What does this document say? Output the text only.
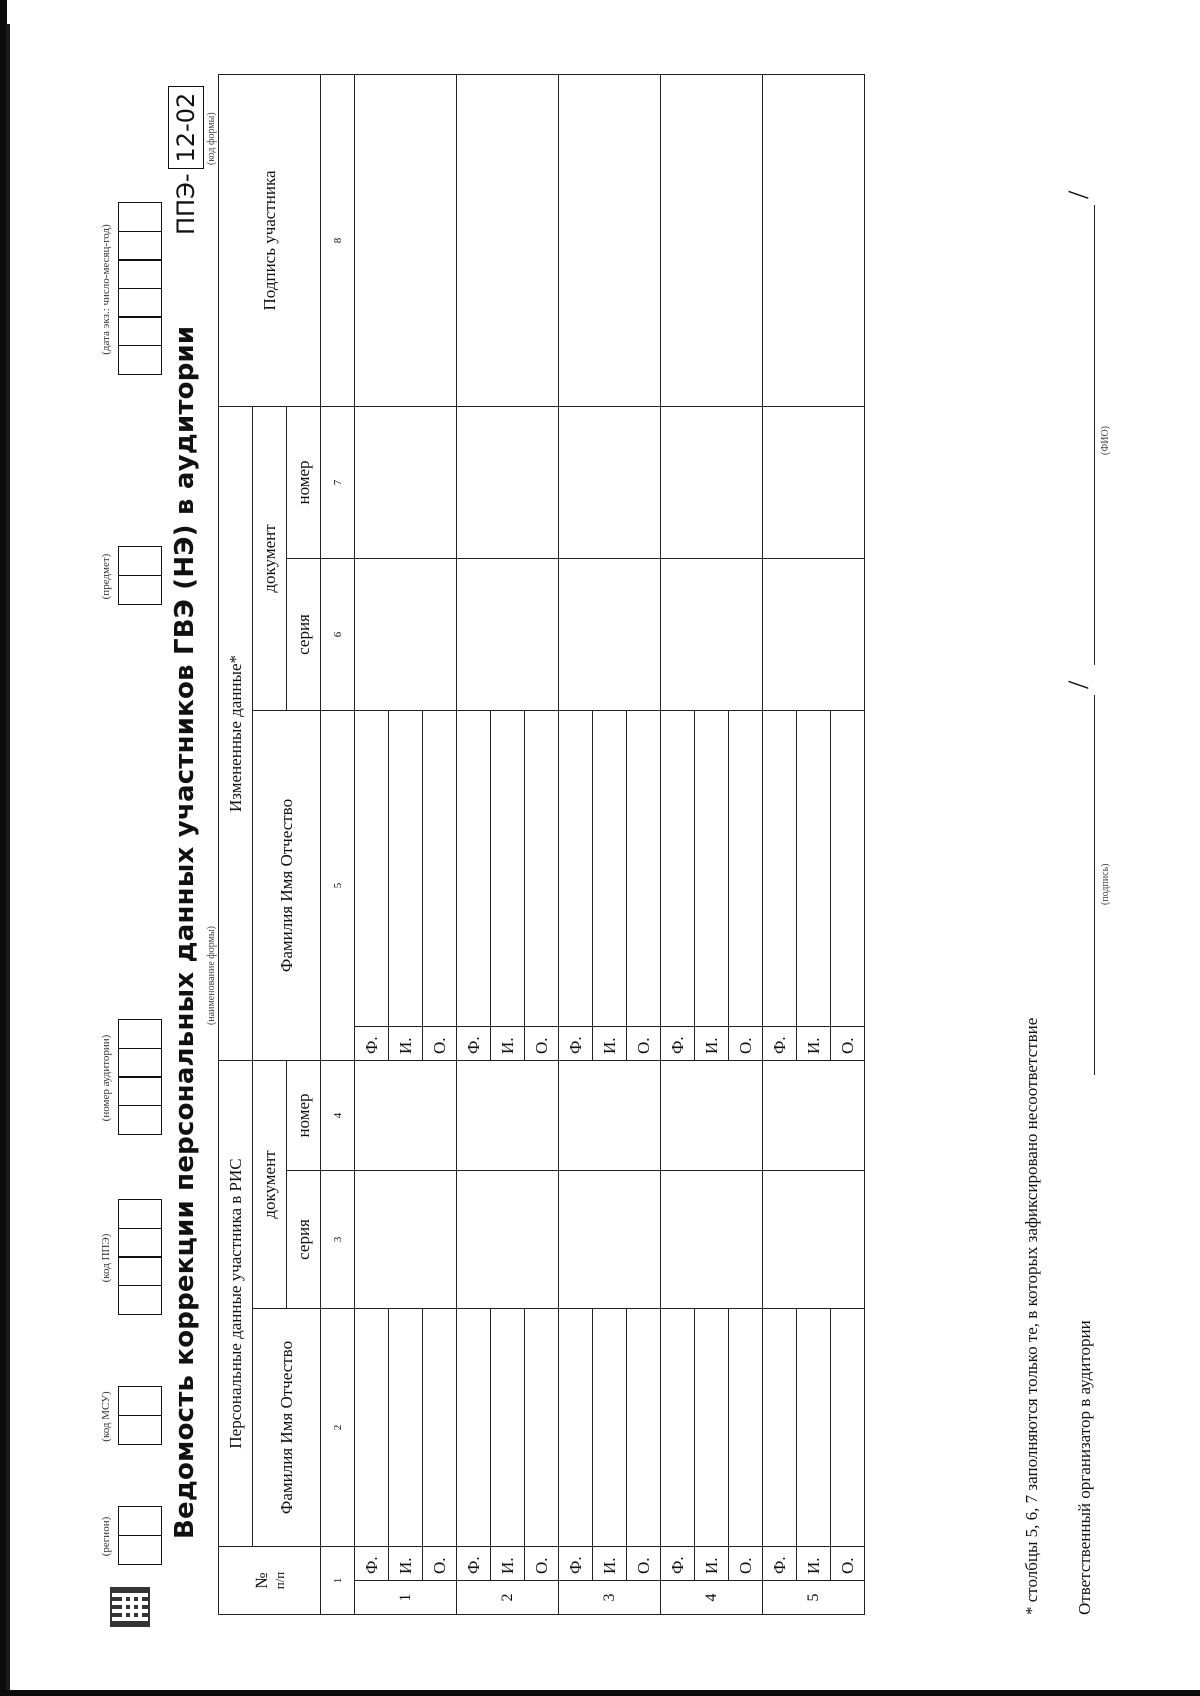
(регион)
(код МСУ)
(код ППЭ)
(номер аудитории)
(предмет)
(дата экз.: число-месяц-год)
Ведомость коррекции персональных данных участников ГВЭ (НЭ) в аудитории (наименование формы)
ППЭ-
12-02 (код формы)
№ п/п		Персональные данные участника в РИС			Измененные данные*				Подпись участника
		Фамилия Имя Отчество	документ		Фамилия Имя Отчество		документ		
			серия	номер			серия	номер	
1		2	3	4	5		6	7	8
1	Ф.				Ф.				
	И.				И.				
	О.				О.				
2	Ф.				Ф.				
	И.				И.				
	О.				О.				
3	Ф.				Ф.				
	И.				И.				
	О.				О.				
4	Ф.				Ф.				
	И.				И.				
	О.				О.				
5	Ф.				Ф.				
	И.				И.				
	О.				О.					* столбцы 5, 6, 7 заполняются только те, в которых зафиксировано несоответствие Ответственный организатор в аудитории
/
/
(подпись)
(ФИО)
